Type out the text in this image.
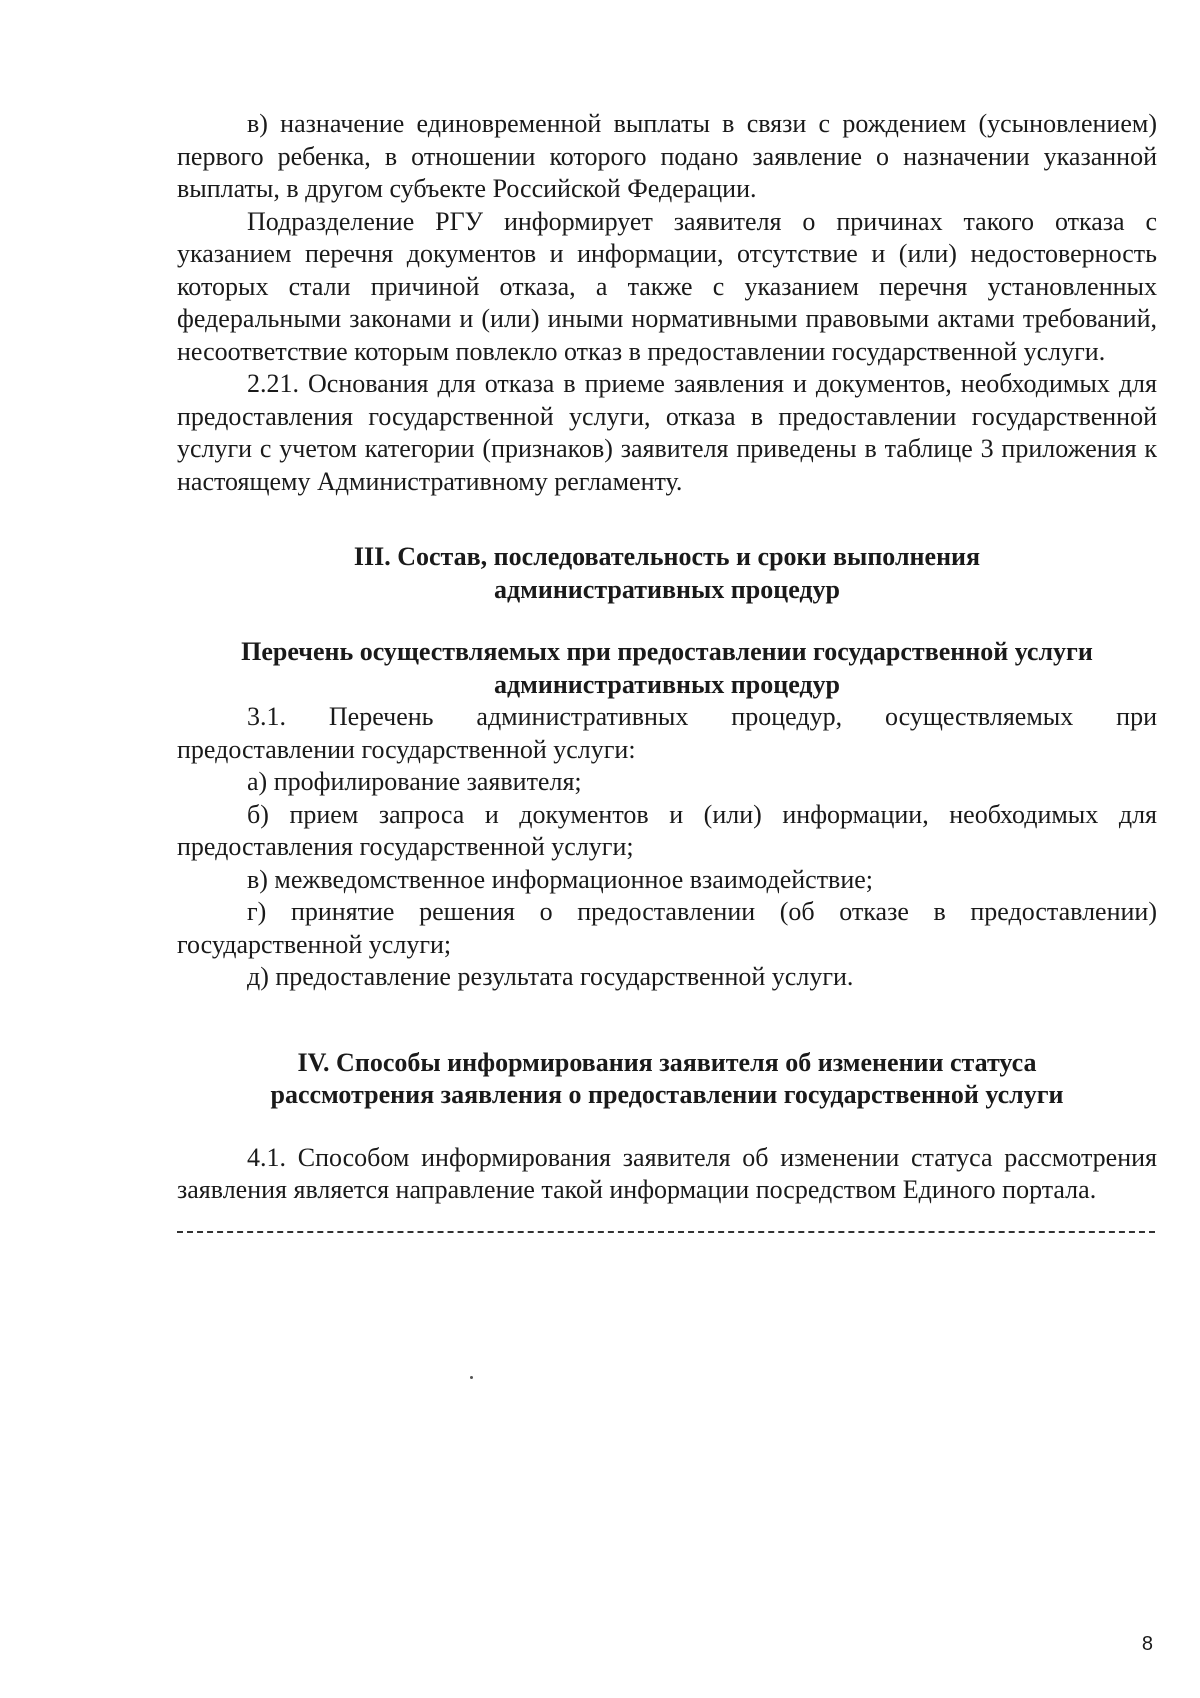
в) назначение единовременной выплаты в связи с рождением (усыновлением) первого ребенка, в отношении которого подано заявление о назначении указанной выплаты, в другом субъекте Российской Федерации.

Подразделение РГУ информирует заявителя о причинах такого отказа с указанием перечня документов и информации, отсутствие и (или) недостоверность которых стали причиной отказа, а также с указанием перечня установленных федеральными законами и (или) иными нормативными правовыми актами требований, несоответствие которым повлекло отказ в предоставлении государственной услуги.

2.21. Основания для отказа в приеме заявления и документов, необходимых для предоставления государственной услуги, отказа в предоставлении государственной услуги с учетом категории (признаков) заявителя приведены в таблице 3 приложения к настоящему Административному регламенту.

III. Состав, последовательность и сроки выполнения
административных процедур
Перечень осуществляемых при предоставлении государственной услуги
административных процедур

3.1. Перечень административных процедур, осуществляемых при предоставлении государственной услуги:

а) профилирование заявителя;

б) прием запроса и документов и (или) информации, необходимых для предоставления государственной услуги;

в) межведомственное информационное взаимодействие;

г) принятие решения о предоставлении (об отказе в предоставлении) государственной услуги;

д) предоставление результата государственной услуги.

IV. Способы информирования заявителя об изменении статуса
рассмотрения заявления о предоставлении государственной услуги

4.1. Способом информирования заявителя об изменении статуса рассмотрения заявления является направление такой информации посредством Единого портала.

8
